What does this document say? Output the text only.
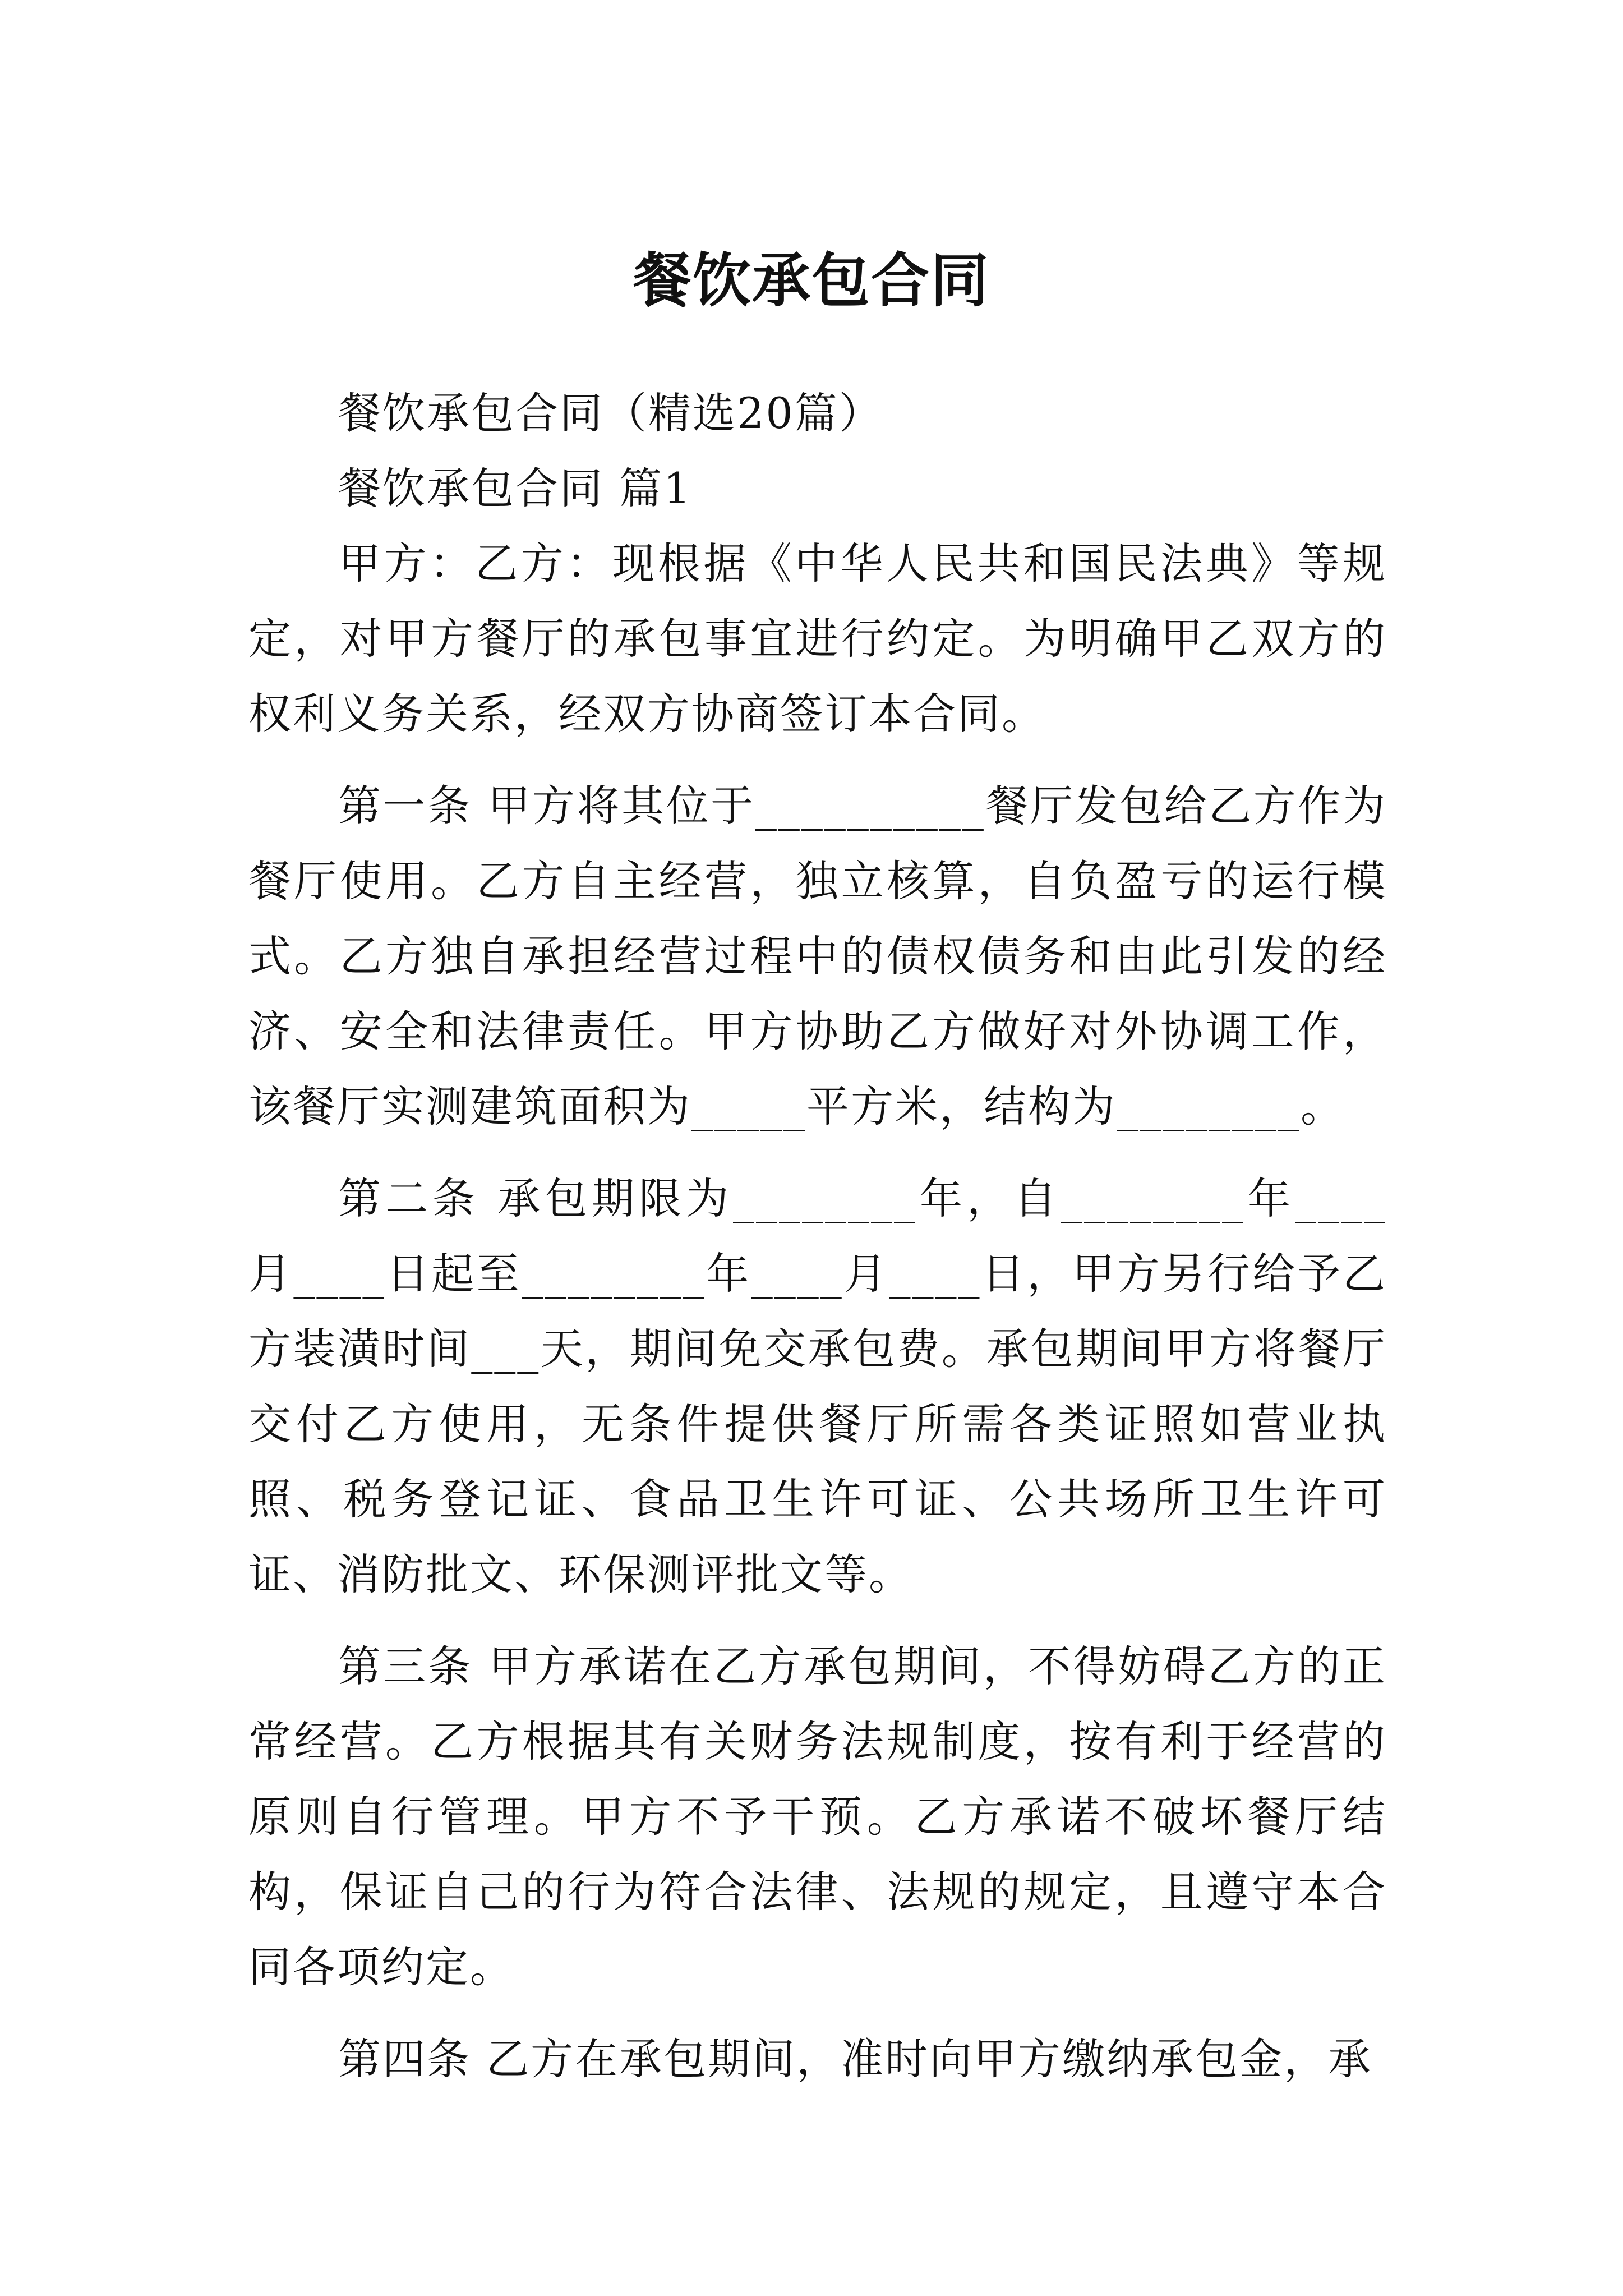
餐饮承包合同

餐饮承包合同（精选20篇）

餐饮承包合同 篇1

甲方：乙方：现根据《中华人民共和国民法典》等规定，对甲方餐厅的承包事宜进行约定。为明确甲乙双方的权利义务关系，经双方协商签订本合同。

第一条 甲方将其位于__________餐厅发包给乙方作为餐厅使用。乙方自主经营，独立核算，自负盈亏的运行模式。乙方独自承担经营过程中的债权债务和由此引发的经济、安全和法律责任。甲方协助乙方做好对外协调工作，该餐厅实测建筑面积为_____平方米，结构为________。

第二条 承包期限为________年，自________年____月____日起至________年____月____日，甲方另行给予乙方装潢时间___天，期间免交承包费。承包期间甲方将餐厅交付乙方使用，无条件提供餐厅所需各类证照如营业执照、税务登记证、食品卫生许可证、公共场所卫生许可证、消防批文、环保测评批文等。

第三条 甲方承诺在乙方承包期间，不得妨碍乙方的正常经营。乙方根据其有关财务法规制度，按有利于经营的原则自行管理。甲方不予干预。乙方承诺不破坏餐厅结构，保证自己的行为符合法律、法规的规定，且遵守本合同各项约定。

第四条 乙方在承包期间，准时向甲方缴纳承包金，承
